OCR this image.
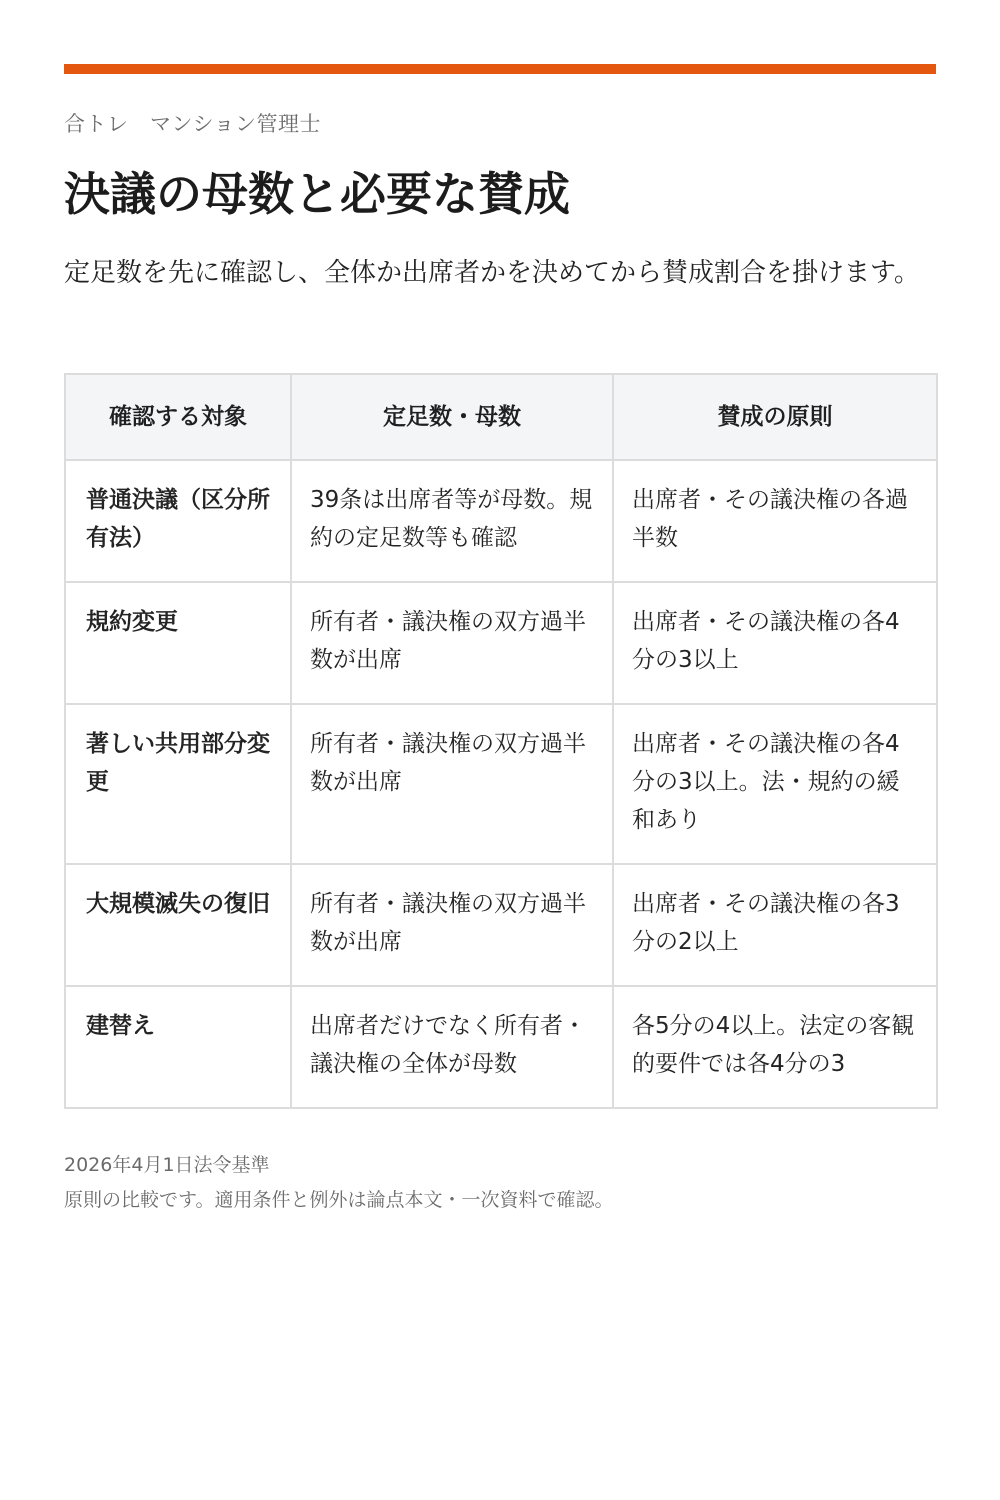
合トレ　マンション管理士
決議の母数と必要な賛成

定足数を先に確認し、全体か出席者かを決めてから賛成割合を掛けます。

確認する対象	定足数・母数	賛成の原則
普通決議（区分所有法）	39条は出席者等が母数。規約の定足数等も確認	出席者・その議決権の各過半数
規約変更	所有者・議決権の双方過半数が出席	出席者・その議決権の各4分の3以上
著しい共用部分変更	所有者・議決権の双方過半数が出席	出席者・その議決権の各4分の3以上。法・規約の緩和あり
大規模滅失の復旧	所有者・議決権の双方過半数が出席	出席者・その議決権の各3分の2以上
建替え	出席者だけでなく所有者・議決権の全体が母数	各5分の4以上。法定の客観的要件では各4分の3
2026年4月1日法令基準
原則の比較です。適用条件と例外は論点本文・一次資料で確認。
